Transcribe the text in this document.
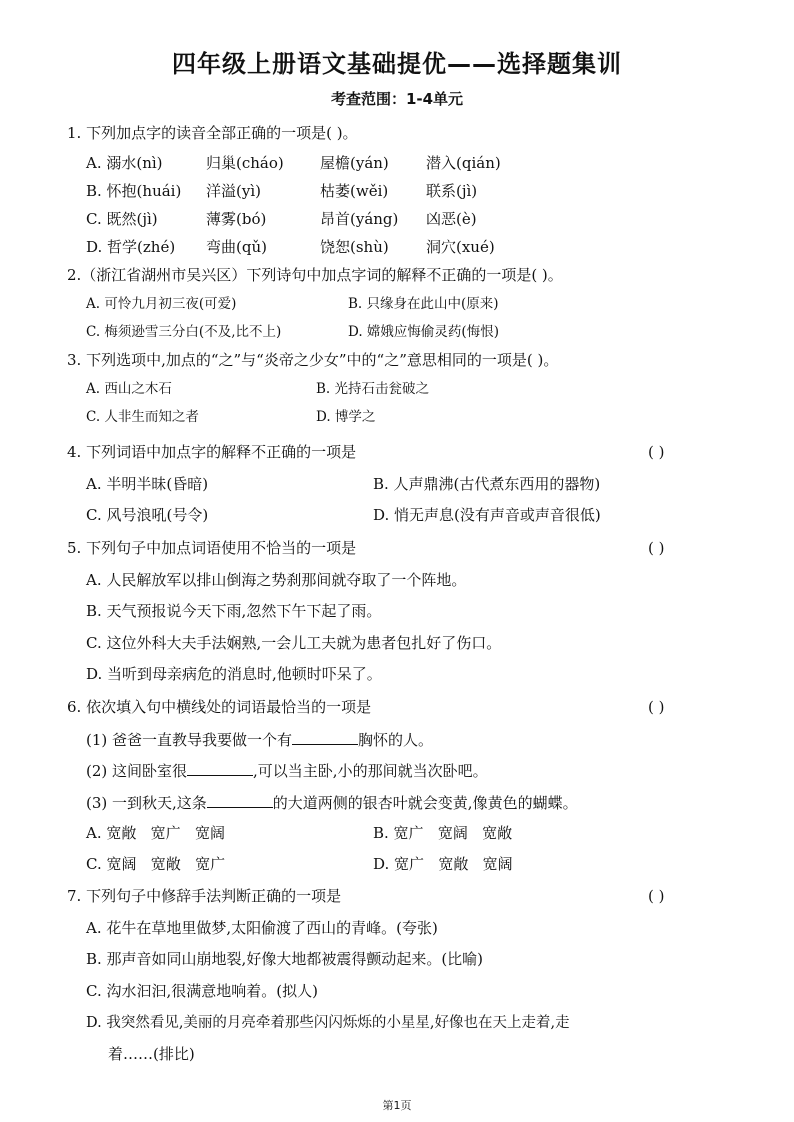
四年级上册语文基础提优——选择题集训
考查范围：1-4单元
1. 下列加点字的读音全部正确的一项是( )。
A. 溺水(nì)	归巢(cháo) 屋檐(yán) 潜入(qián)
B. 怀抱(huái) 洋溢(yì)	枯萎(wěi)	联系(jì)
C. 既然(jì)	薄雾(bó)	昂首(yáng) 凶恶(è)
D. 哲学(zhé) 弯曲(qǔ)	饶恕(shù) 洞穴(xué)
2.（浙江省湖州市吴兴区）下列诗句中加点字词的解释不正确的一项是( )。
A. 可怜九月初三夜(可爱)	B. 只缘身在此山中(原来)
C. 梅须逊雪三分白(不及,比不上)	D. 嫦娥应悔偷灵药(悔恨)
3. 下列选项中,加点的“之”与“炎帝之少女”中的“之”意思相同的一项是( )。
A. 西山之木石	B. 光持石击瓮破之
C. 人非生而知之者	D. 博学之
4. 下列词语中加点字的解释不正确的一项是	( )
A. 半明半昧(昏暗)	B. 人声鼎沸(古代煮东西用的器物)
C. 风号浪吼(号令)	D. 悄无声息(没有声音或声音很低)
5. 下列句子中加点词语使用不恰当的一项是	( )
A. 人民解放军以排山倒海之势刹那间就夺取了一个阵地。
B. 天气预报说今天下雨,忽然下午下起了雨。
C. 这位外科大夫手法娴熟,一会儿工夫就为患者包扎好了伤口。
D. 当听到母亲病危的消息时,他顿时吓呆了。
6. 依次填入句中横线处的词语最恰当的一项是	( )
(1) 爸爸一直教导我要做一个有	胸怀的人。
(2) 这间卧室很	,可以当主卧,小的那间就当次卧吧。
(3) 一到秋天,这条	的大道两侧的银杏叶就会变黄,像黄色的蝴蝶。
A. 宽敞   宽广   宽阔	B. 宽广   宽阔   宽敞
C. 宽阔   宽敞   宽广	D. 宽广   宽敞   宽阔
7. 下列句子中修辞手法判断正确的一项是	( )
A. 花牛在草地里做梦,太阳偷渡了西山的青峰。(夸张)
B. 那声音如同山崩地裂,好像大地都被震得颤动起来。(比喻)
C. 沟水汩汩,很满意地响着。(拟人)
D. 我突然看见,美丽的月亮牵着那些闪闪烁烁的小星星,好像也在天上走着,走
着……(排比)
第1页
